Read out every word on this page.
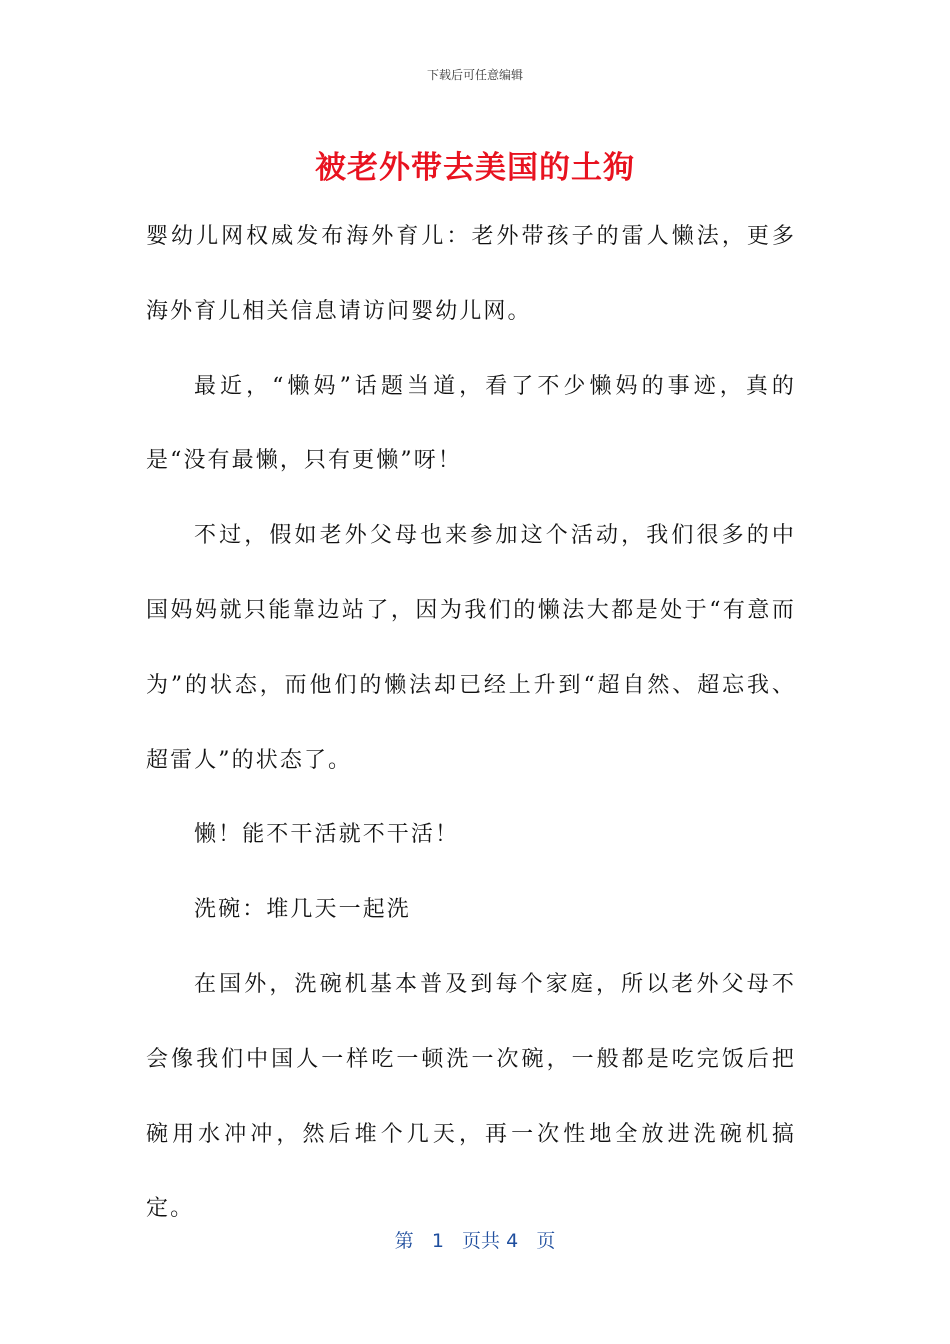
下载后可任意编辑
被老外带去美国的土狗

婴幼儿网权威发布海外育儿：老外带孩子的雷人懒法，更多海外育儿相关信息请访问婴幼儿网。

最近，“懒妈”话题当道，看了不少懒妈的事迹，真的是“没有最懒，只有更懒”呀！

不过，假如老外父母也来参加这个活动，我们很多的中国妈妈就只能靠边站了，因为我们的懒法大都是处于“有意而为”的状态，而他们的懒法却已经上升到“超自然、超忘我、超雷人”的状态了。

懒！能不干活就不干活！

洗碗：堆几天一起洗

在国外，洗碗机基本普及到每个家庭，所以老外父母不会像我们中国人一样吃一顿洗一次碗，一般都是吃完饭后把碗用水冲冲，然后堆个几天，再一次性地全放进洗碗机搞定。

第 1 页共 4 页
